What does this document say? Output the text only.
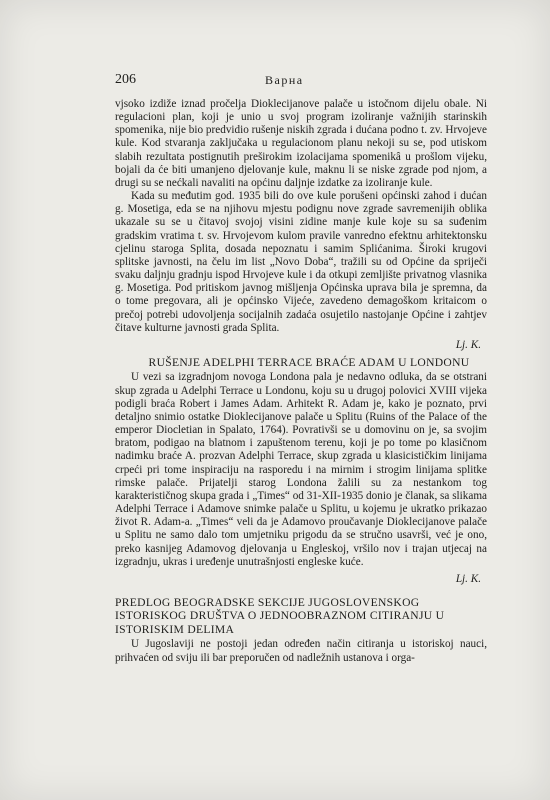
206	Варна

vjsoko izdiže iznad pročelja Dioklecijanove palače u istočnom dijelu obale. Ni regulacioni plan, koji je unio u svoj program izoliranje važnijih starinskih spomenika, nije bio predvidio rušenje niskih zgrada i dućana podno t. zv. Hrvojeve kule. Kod stvaranja zaključaka u regulacionom planu nekoji su se, pod utiskom slabih rezultata postignutih preširokim izolacijama spomenikâ u prošlom vijeku, bojali da će biti umanjeno djelovanje kule, maknu li se niske zgrade pod njom, a drugi su se nećkali navaliti na općinu daljnje izdatke za izoliranje kule.

Kada su međutim god. 1935 bili do ove kule porušeni općinski zahod i dućan g. Mosetiga, eda se na njihovu mjestu podignu nove zgrade savremenijih oblika ukazale su se u čitavoj svojoj visini zidine manje kule koje su sa suđenim gradskim vratima t. sv. Hrvojevom kulom pravile vanredno efektnu arhitektonsku cjelinu staroga Splita, dosada nepoznatu i samim Splićanima. Široki krugovi splitske javnosti, na čelu im list „Novo Doba“, tražili su od Općine da spriječi svaku daljnju gradnju ispod Hrvojeve kule i da otkupi zemljište privatnog vlasnika g. Mosetiga. Pod pritiskom javnog mišljenja Općinska uprava bila je spremna, da o tome pregovara, ali je općinsko Vijeće, zavedeno demagoškom kritaicom o prečoj potrebi udovoljenja socijalnih zadaća osujetilo nastojanje Općine i zahtjev čitave kulturne javnosti grada Splita.

Lj. K.
RUŠENJE ADELPHI TERRACE BRAĆE ADAM U LONDONU

U vezi sa izgradnjom novoga Londona pala je nedavno odluka, da se otstrani skup zgrada u Adelphi Terrace u Londonu, koju su u drugoj polovici XVIII vijeka podigli braća Robert i James Adam. Arhitekt R. Adam je, kako je poznato, prvi detaljno snimio ostatke Dioklecijanove palače u Splitu (Ruins of the Palace of the emperor Diocletian in Spalato, 1764). Povrativši se u domovinu on je, sa svojim bratom, podigao na blatnom i zapuštenom terenu, koji je po tome po klasičnom nadimku braće A. prozvan Adelphi Terrace, skup zgrada u klasicističkim linijama crpeći pri tome inspiraciju na rasporedu i na mirnim i strogim linijama splitke rimske palače. Prijatelji starog Londona žalili su za nestankom tog karakterističnog skupa grada i „Times“ od 31-XII-1935 donio je članak, sa slikama Adelphi Terrace i Adamove snimke palače u Splitu, u kojemu je ukratko prikazao život R. Adam-a. „Times“ veli da je Adamovo proučavanje Dioklecijanove palače u Splitu ne samo dalo tom umjetniku prigodu da se stručno usavrši, već je ono, preko kasnijeg Adamovog djelovanja u Engleskoj, vršilo nov i trajan utjecaj na izgradnju, ukras i uređenje unutrašnjosti engleske kuće.

Lj. K.
PREDLOG BEOGRADSKE SEKCIJE JUGOSLOVENSKOG ISTORISKOG DRUŠTVA O JEDNOOBRAZNOM CITIRANJU U ISTORISKIM DELIMA

U Jugoslaviji ne postoji jedan određen način citiranja u istoriskoj nauci, prihvaćen od sviju ili bar preporučen od nadležnih ustanova i orga-
